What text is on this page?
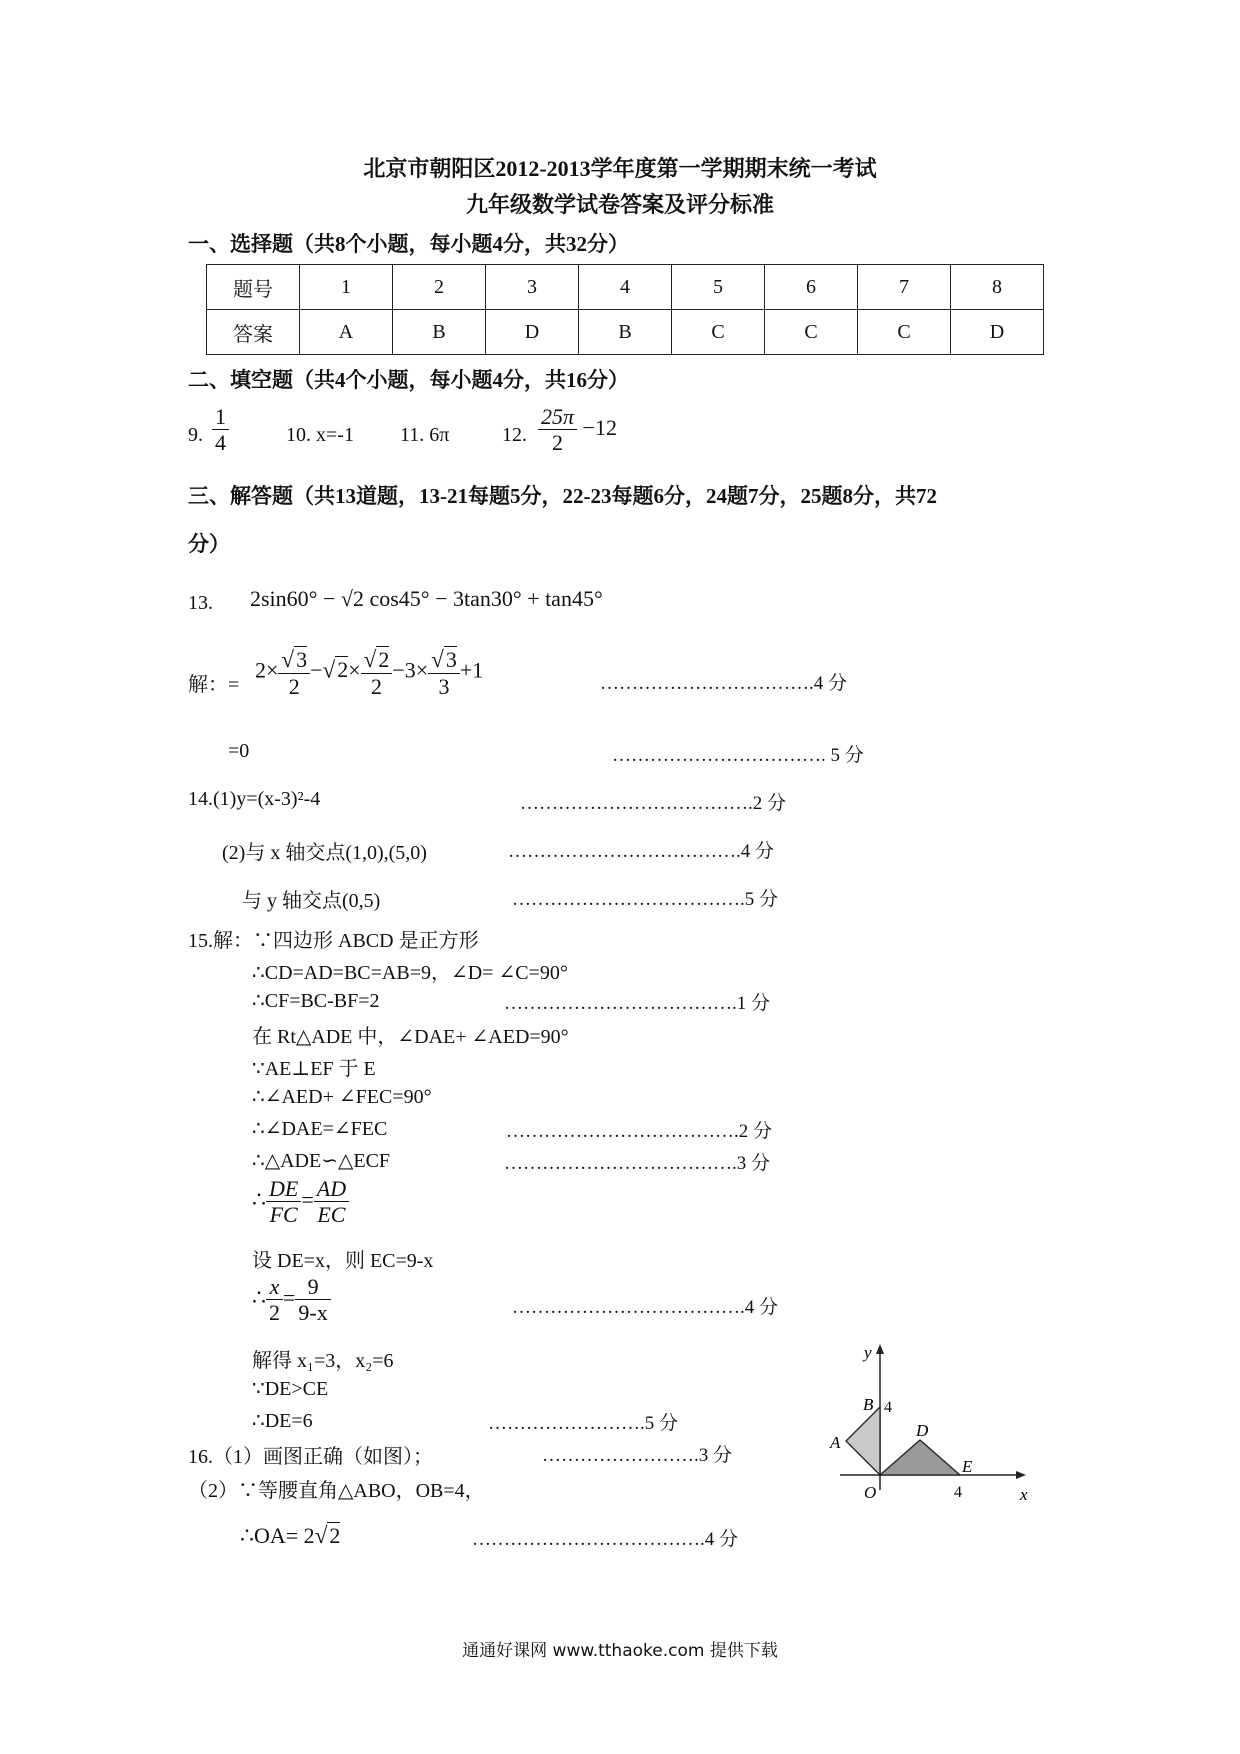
北京市朝阳区2012-2013学年度第一学期期末统一考试
九年级数学试卷答案及评分标准
一、选择题（共8个小题，每小题4分，共32分）
题号	1	2	3	4	5	6	7	8
答案	A	B	D	B	C	C	C	D
二、填空题（共4个小题，每小题4分，共16分）
9. $\frac{1}{4}$	10. x=-1 11. 6π	12. $\frac{25\pi}{2} -12$
三、解答题（共13道题，13-21每题5分，22-23每题6分，24题7分，25题8分，共72
分）
13. 2sin60° − √2 cos45° − 3tan30° + tan45°
解：=
$2\times \frac{√3}{2} -√2\times \frac{√2}{2} -3\times \frac{√3}{3} +1$
…………………………….4 分
=0	……………………………. 5 分
14.(1)y=(x-3)²-4	……………………………….2 分
(2)与 x 轴交点(1,0),(5,0)	……………………………….4 分
与 y 轴交点(0,5)	……………………………….5 分
15.解：∵四边形 ABCD 是正方形
∴CD=AD=BC=AB=9，∠D= ∠C=90°
∴CF=BC-BF=2	……………………………….1 分
在 Rt△ADE 中，∠DAE+ ∠AED=90°
∵AE⊥EF 于 E
∴∠AED+ ∠FEC=90°
∴∠DAE=∠FEC	……………………………….2 分
∴△ADE∽△ECF	……………………………….3 分
∴ $\frac{DE}{FC} = \frac{AD}{EC}$
设 DE=x，则 EC=9-x
∴ $\frac{x}{2} = \frac{9}{9-x}$	……………………………….4 分
解得 x₁=3，x₂=6
∵DE>CE
∴DE=6	…………………….5 分
16.（1）画图正确（如图）；	…………………….3 分
（2）∵等腰直角△ABO，OB=4，
∴OA= 2√2	……………………………….4 分
y
x
O
A
B 4
D
E
4
通通好课网 www.tthaoke.com 提供下载
